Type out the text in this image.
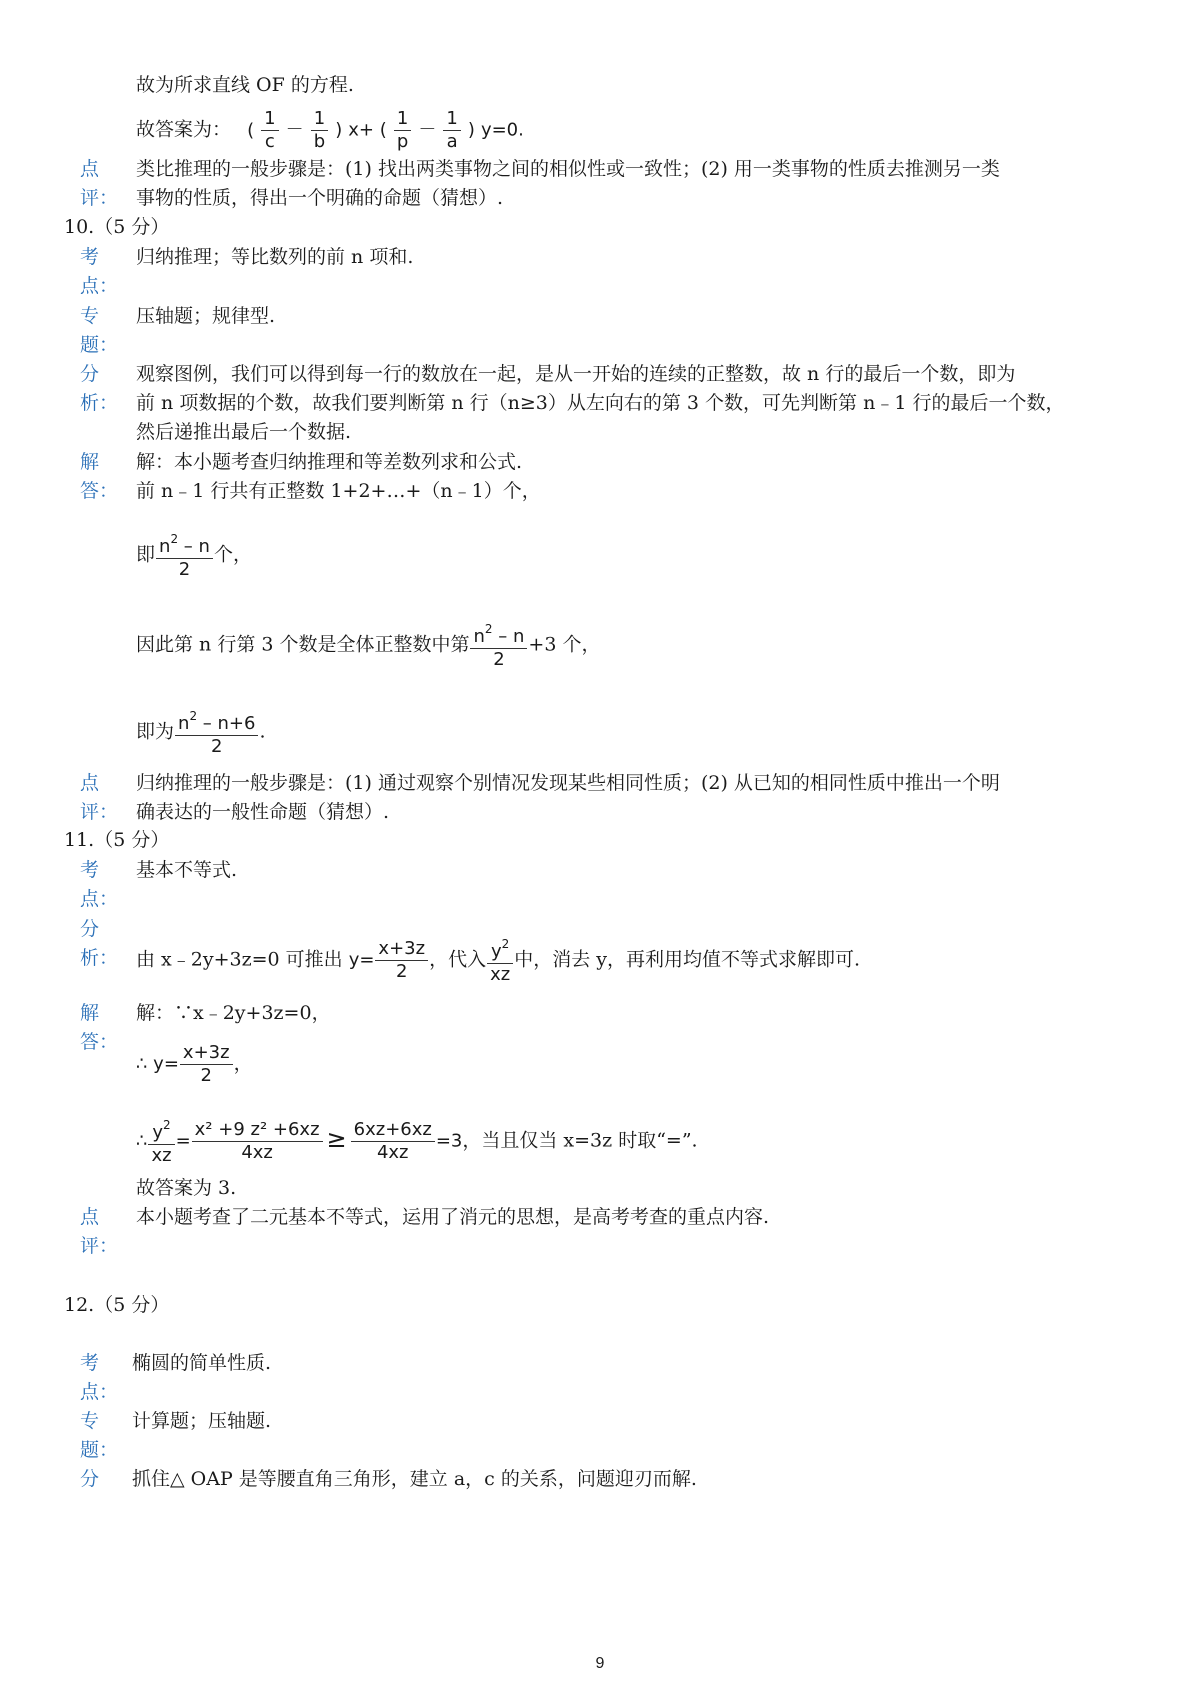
故为所求直线 OF 的方程.
故答案为： ( $\frac{1}{c} - \frac{1}{b}$ ) x+ ( $\frac{1}{p} - \frac{1}{a}$ ) y=0.
点
评：
类比推理的一般步骤是：(1) 找出两类事物之间的相似性或一致性；(2) 用一类事物的性质去推测另一类
事物的性质，得出一个明确的命题（猜想）.
10.（5 分）
考
点：
归纳推理；等比数列的前 n 项和.
专
题：
压轴题；规律型.
分
析：
观察图例，我们可以得到每一行的数放在一起，是从一开始的连续的正整数，故 n 行的最后一个数，即为
前 n 项数据的个数，故我们要判断第 n 行（n≥3）从左向右的第 3 个数，可先判断第 n﹣1 行的最后一个数，
然后递推出最后一个数据.
解
答：
解：本小题考查归纳推理和等差数列求和公式.
前 n﹣1 行共有正整数 1+2+…+（n﹣1）个，
即 $\frac{n^2 - n}{2}$ 个，
因此第 n 行第 3 个数是全体正整数中第 $\frac{n^2 - n}{2} +3$ 个，
即为 $\frac{n^2 - n+6}{2}$ .
点
评：
归纳推理的一般步骤是：(1) 通过观察个别情况发现某些相同性质；(2) 从已知的相同性质中推出一个明
确表达的一般性命题（猜想）.
11.（5 分）
考
点：
基本不等式.
分
析： 由 x﹣2y+3z=0 可推出 $y= \frac{x+3z}{2}$ ，代入 $\frac{y^2}{xz}$ 中，消去 y，再利用均值不等式求解即可.
解
答：
解：∵x﹣2y+3z=0，
∴ $y= \frac{x+3z}{2}$ ，
∴ $\frac{y^2}{xz} = \frac{\text{x² +9 z² +6xz}}{4xz} \ge \frac{6xz+6xz}{4xz} =3$，当且仅当 x=3z 时取“=”.
故答案为 3.
点
评：
本小题考查了二元基本不等式，运用了消元的思想，是高考考查的重点内容.
12.（5 分）
考
点：
椭圆的简单性质.
专
题：
计算题；压轴题.
分 抓住△ OAP 是等腰直角三角形，建立 a，c 的关系，问题迎刃而解.
9
